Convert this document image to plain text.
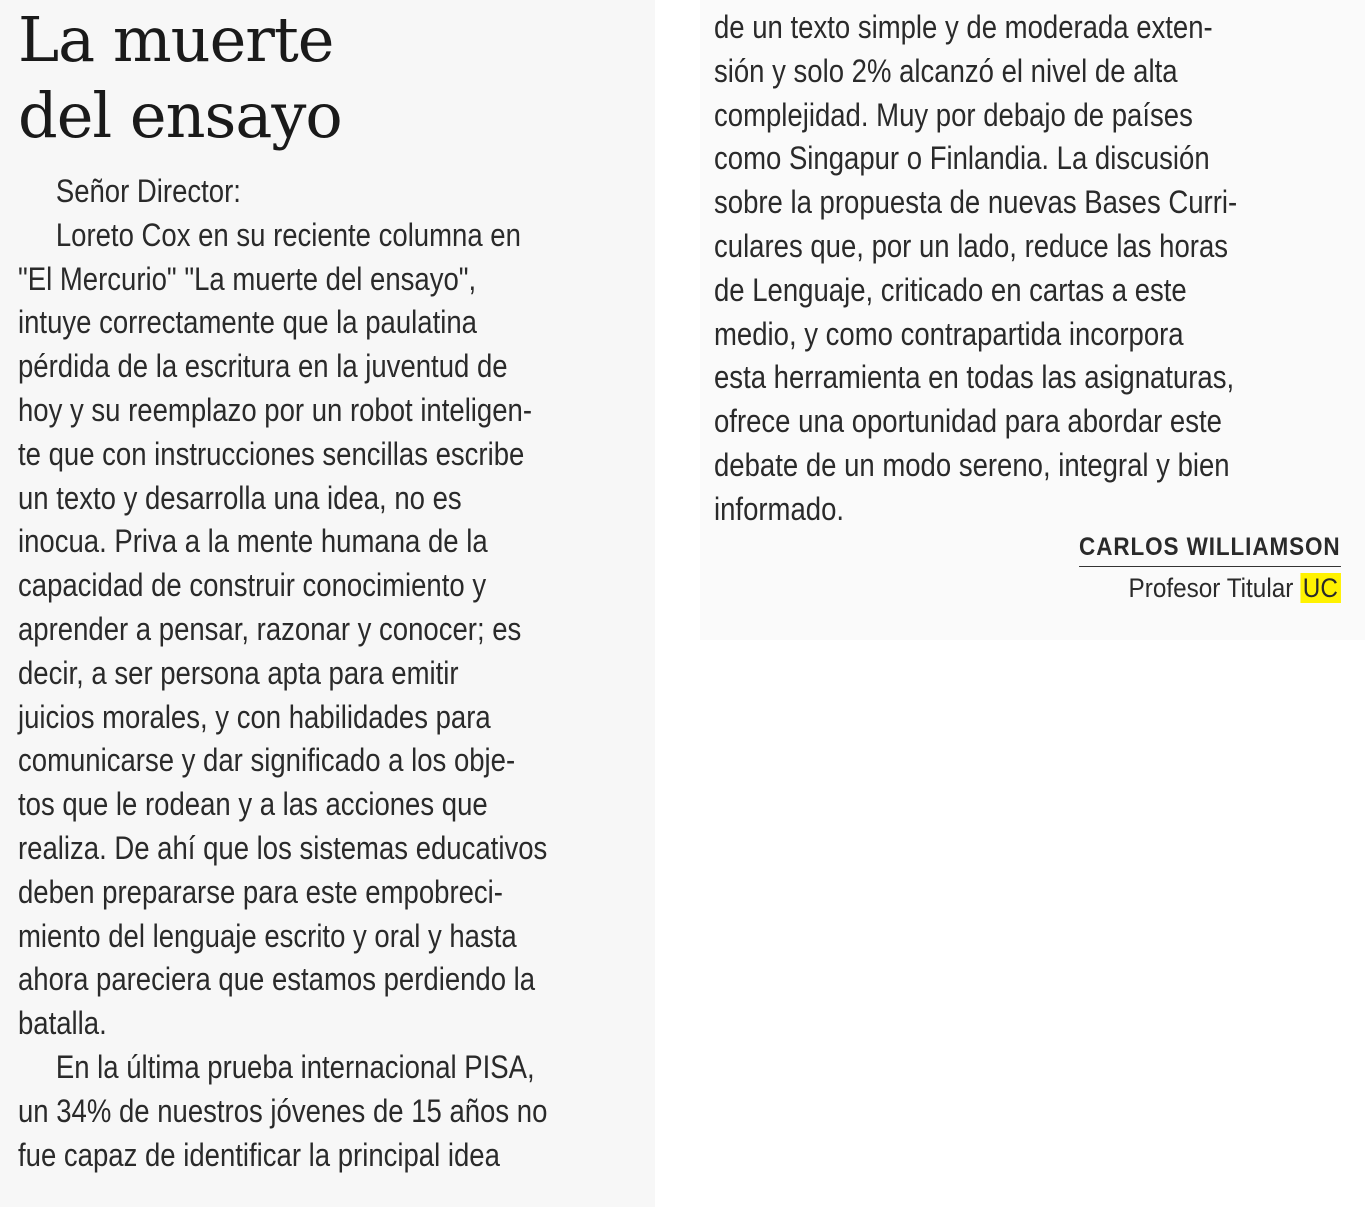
La muerte
del ensayo

Señor Director:

Loreto Cox en su reciente columna en

"El Mercurio" "La muerte del ensayo",
intuye correctamente que la paulatina
pérdida de la escritura en la juventud de
hoy y su reemplazo por un robot inteligen-
te que con instrucciones sencillas escribe
un texto y desarrolla una idea, no es
inocua. Priva a la mente humana de la
capacidad de construir conocimiento y
aprender a pensar, razonar y conocer; es
decir, a ser persona apta para emitir
juicios morales, y con habilidades para
comunicarse y dar significado a los obje-
tos que le rodean y a las acciones que
realiza. De ahí que los sistemas educativos
deben prepararse para este empobreci-
miento del lenguaje escrito y oral y hasta
ahora pareciera que estamos perdiendo la
batalla.

En la última prueba internacional PISA,

un 34% de nuestros jóvenes de 15 años no
fue capaz de identificar la principal idea

de un texto simple y de moderada exten-
sión y solo 2% alcanzó el nivel de alta
complejidad. Muy por debajo de países
como Singapur o Finlandia. La discusión
sobre la propuesta de nuevas Bases Curri-
culares que, por un lado, reduce las horas
de Lenguaje, criticado en cartas a este
medio, y como contrapartida incorpora
esta herramienta en todas las asignaturas,
ofrece una oportunidad para abordar este
debate de un modo sereno, integral y bien
informado.

CARLOS WILLIAMSON
Profesor Titular UC
